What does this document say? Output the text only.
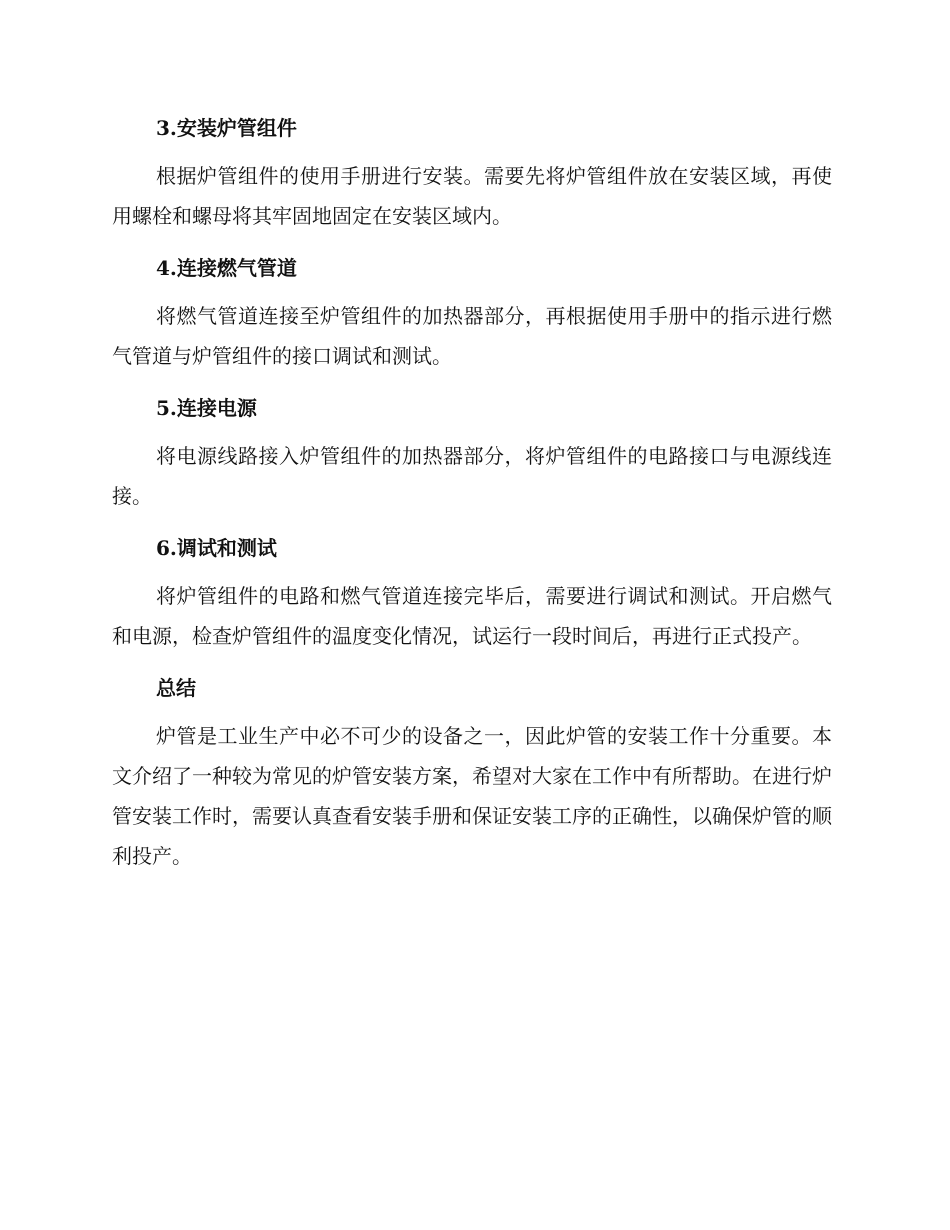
3.安装炉管组件

根据炉管组件的使用手册进行安装。需要先将炉管组件放在安装区域，再使用螺栓和螺母将其牢固地固定在安装区域内。

4.连接燃气管道

将燃气管道连接至炉管组件的加热器部分，再根据使用手册中的指示进行燃气管道与炉管组件的接口调试和测试。

5.连接电源

将电源线路接入炉管组件的加热器部分，将炉管组件的电路接口与电源线连接。

6.调试和测试

将炉管组件的电路和燃气管道连接完毕后，需要进行调试和测试。开启燃气和电源，检查炉管组件的温度变化情况，试运行一段时间后，再进行正式投产。

总结

炉管是工业生产中必不可少的设备之一，因此炉管的安装工作十分重要。本文介绍了一种较为常见的炉管安装方案，希望对大家在工作中有所帮助。在进行炉管安装工作时，需要认真查看安装手册和保证安装工序的正确性，以确保炉管的顺利投产。
